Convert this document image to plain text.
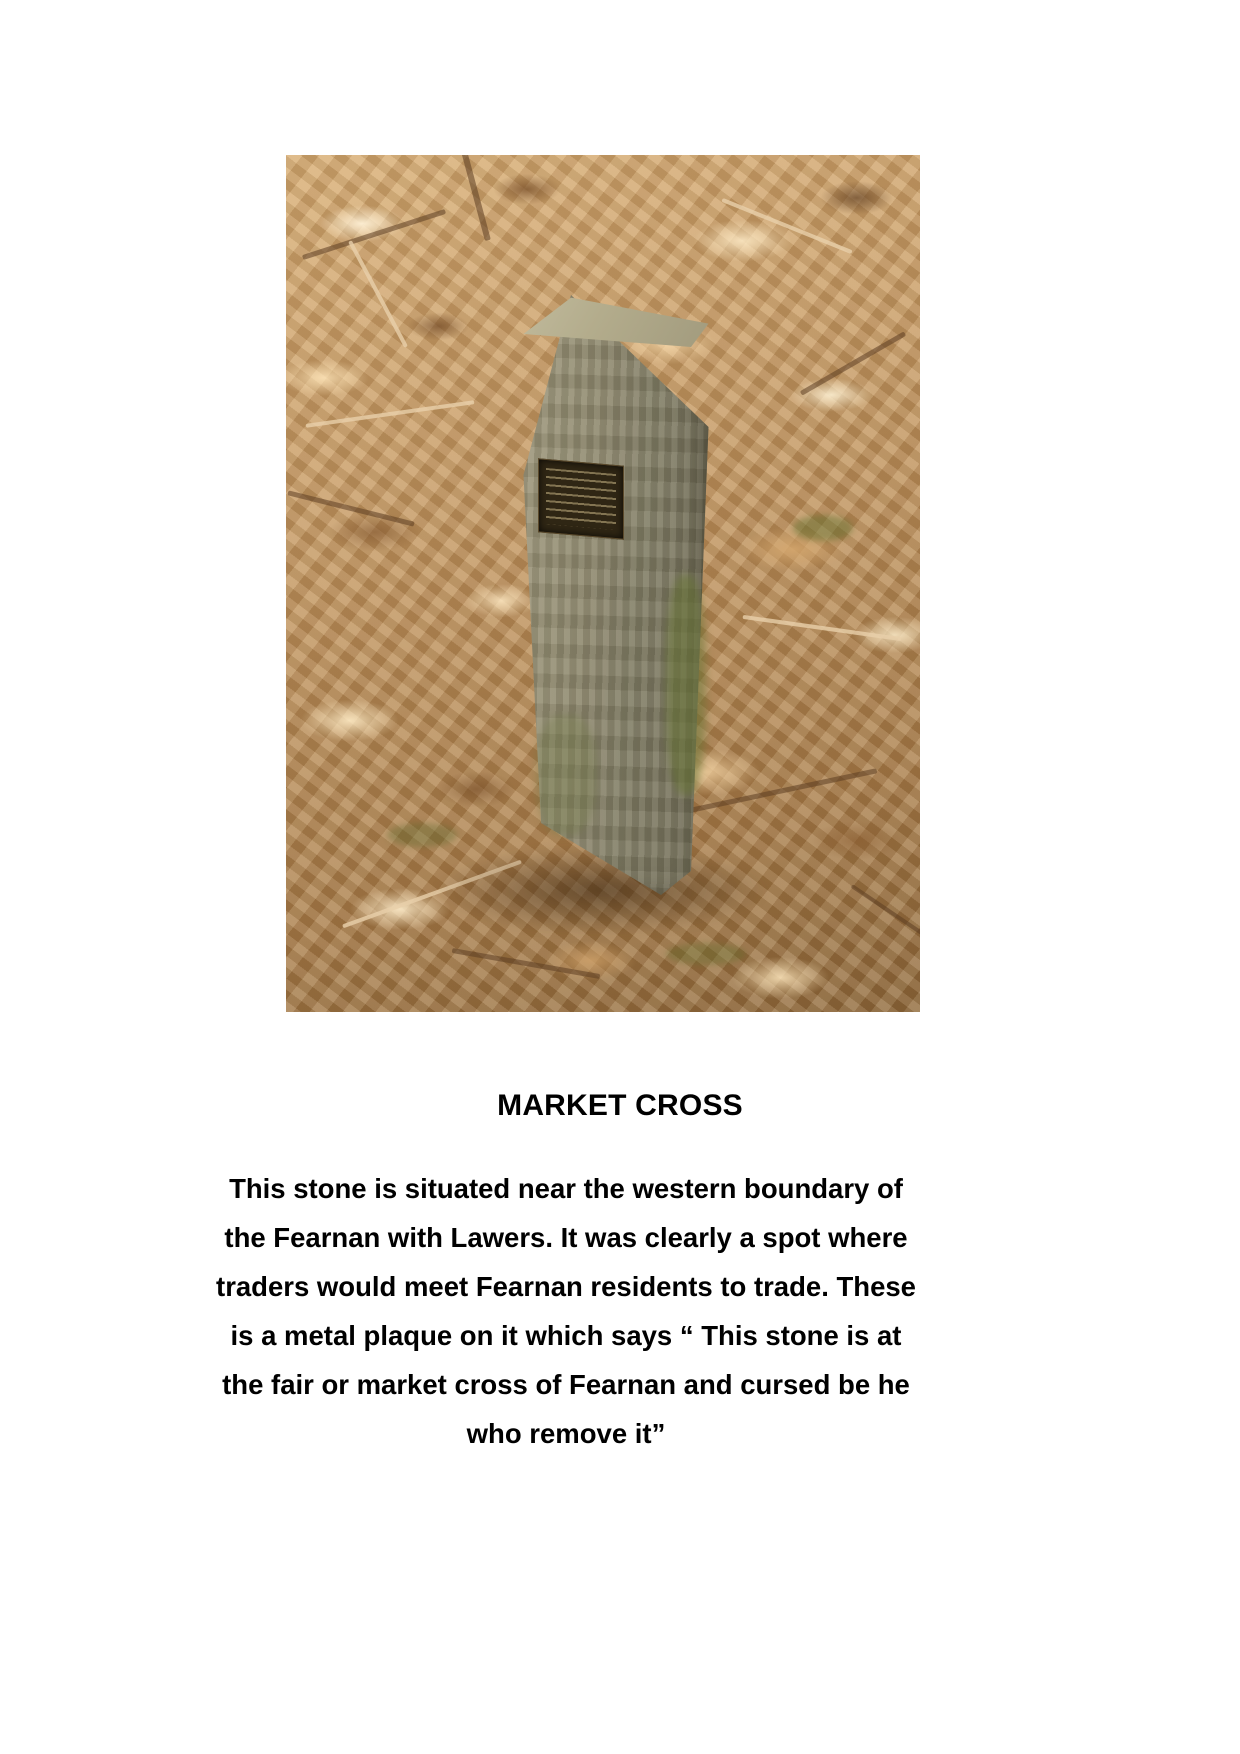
MARKET CROSS

This stone is situated near the western boundary of the Fearnan with Lawers. It was clearly a spot where traders would meet Fearnan residents to trade. These is a metal plaque on it which says “ This stone is at the fair or market cross of Fearnan and cursed be he who remove it”
